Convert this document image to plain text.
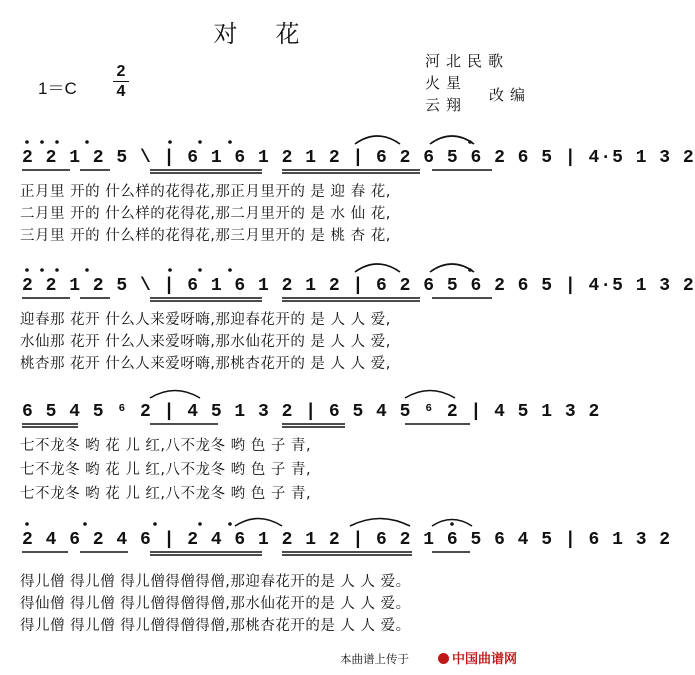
对花
1＝C
2
4
河北民歌
火星
云翔
改编
2 2 1 2 5 \ | 6 1 6 1 2 1 2 | 6 2 6 5 6 2 6 5 | 4·5 1 3 2
正月里 开的 什么样的花得花,那正月里开的 是 迎 春 花,
二月里 开的 什么样的花得花,那二月里开的 是 水 仙 花,
三月里 开的 什么样的花得花,那三月里开的 是 桃 杏 花,
2 2 1 2 5 \ | 6 1 6 1 2 1 2 | 6 2 6 5 6 2 6 5 | 4·5 1 3 2
迎春那 花开 什么人来爱呀嗨,那迎春花开的 是 人 人 爱,
水仙那 花开 什么人来爱呀嗨,那水仙花开的 是 人 人 爱,
桃杏那 花开 什么人来爱呀嗨,那桃杏花开的 是 人 人 爱,
6 5 4 5 ⁶ 2 | 4 5 1 3 2 | 6 5 4 5 ⁶ 2 | 4 5 1 3 2
七不龙冬 哟 花 儿 红,八不龙冬 哟 色 子 青,
七不龙冬 哟 花 儿 红,八不龙冬 哟 色 子 青,
七不龙冬 哟 花 儿 红,八不龙冬 哟 色 子 青,
2 4 6 2 4 6 | 2 4 6 1 2 1 2 | 6 2 1 6 5 6 4 5 | 6 1 3 2
得儿僧 得儿僧 得儿僧得僧得僧,那迎春花开的是 人 人 爱。
得仙僧 得儿僧 得儿僧得僧得僧,那水仙花开的是 人 人 爱。
得儿僧 得儿僧 得儿僧得僧得僧,那桃杏花开的是 人 人 爱。
本曲谱上传于	中国曲谱网
